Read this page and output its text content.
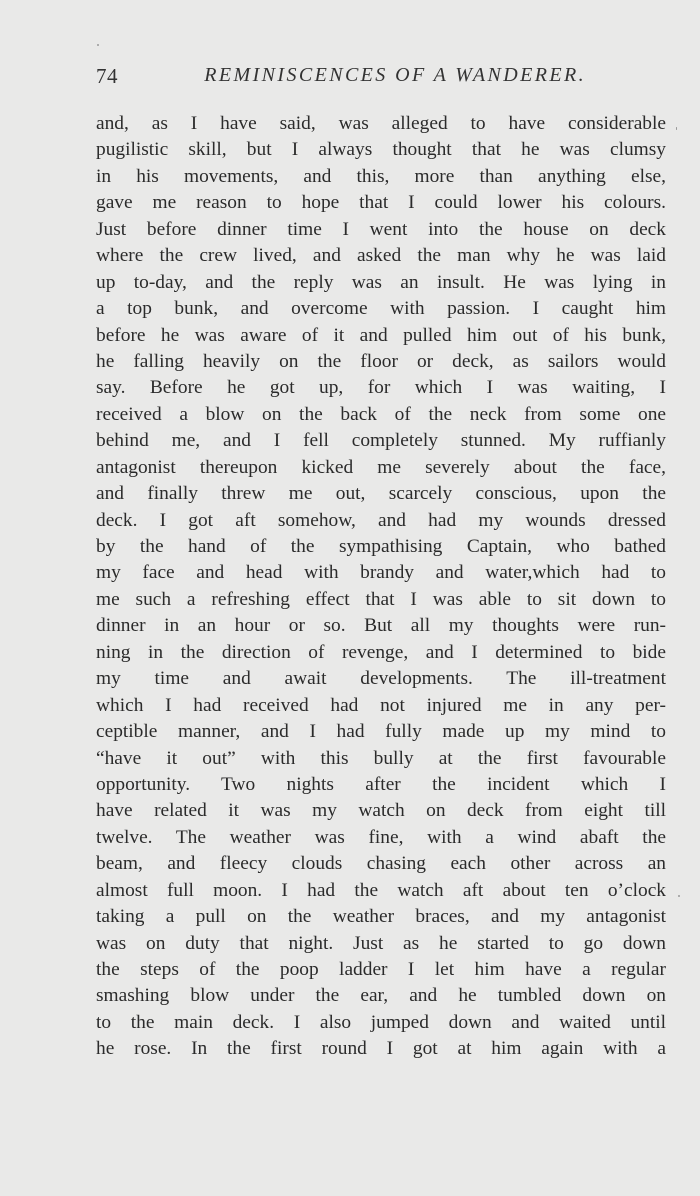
74	REMINISCENCES OF A WANDERER.
and, as I have said, was alleged to have considerable
pugilistic skill, but I always thought that he was clumsy
in his movements, and this, more than anything else,
gave me reason to hope that I could lower his colours.
Just before dinner time I went into the house on deck
where the crew lived, and asked the man why he was laid
up to-day, and the reply was an insult. He was lying in
a top bunk, and overcome with passion. I caught him
before he was aware of it and pulled him out of his bunk,
he falling heavily on the floor or deck, as sailors would
say. Before he got up, for which I was waiting, I
received a blow on the back of the neck from some one
behind me, and I fell completely stunned. My ruffianly
antagonist thereupon kicked me severely about the face,
and finally threw me out, scarcely conscious, upon the
deck. I got aft somehow, and had my wounds dressed
by the hand of the sympathising Captain, who bathed
my face and head with brandy and water,which had to
me such a refreshing effect that I was able to sit down to
dinner in an hour or so. But all my thoughts were run-
ning in the direction of revenge, and I determined to bide
my time and await developments. The ill-treatment
which I had received had not injured me in any per-
ceptible manner, and I had fully made up my mind to
“have it out” with this bully at the first favourable
opportunity. Two nights after the incident which I
have related it was my watch on deck from eight till
twelve. The weather was fine, with a wind abaft the
beam, and fleecy clouds chasing each other across an
almost full moon. I had the watch aft about ten o’clock
taking a pull on the weather braces, and my antagonist
was on duty that night. Just as he started to go down
the steps of the poop ladder I let him have a regular
smashing blow under the ear, and he tumbled down on
to the main deck. I also jumped down and waited until
he rose. In the first round I got at him again with a
